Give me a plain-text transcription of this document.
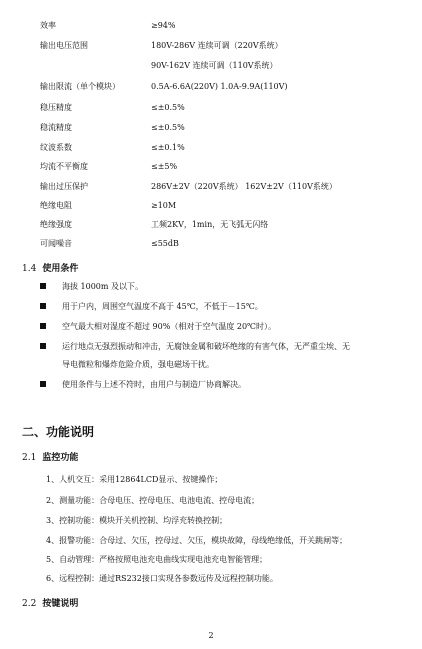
效率	≥94%
输出电压范围	180V-286V 连续可调（220V系统）
90V-162V 连续可调（110V系统）
输出限流（单个模块）	0.5A-6.6A(220V) 1.0A-9.9A(110V)
稳压精度	≤±0.5%
稳流精度	≤±0.5%
纹波系数	≤±0.1%
均流不平衡度	≤±5%
输出过压保护	286V±2V（220V系统） 162V±2V（110V系统）
绝缘电阻	≥10M
绝缘强度	工频2KV，1min，无飞弧无闪络
可闻噪音	≤55dB
1.4 使用条件
海拔 1000m 及以下。
用于户内，周围空气温度不高于 45℃，不低于－15℃。
空气最大相对湿度不超过 90%（相对于空气温度 20℃时）。
运行地点无强烈振动和冲击，无腐蚀金属和破坏绝缘的有害气体，无严重尘埃、无
导电微粒和爆炸危险介质，强电磁场干扰。
使用条件与上述不符时，由用户与制造厂协商解决。
二、功能说明
2.1 监控功能
1、人机交互：采用12864LCD显示、按键操作；
2、测量功能：合母电压、控母电压、电池电流、控母电流；
3、控制功能：模块开关机控制、均浮充转换控制；
4、报警功能：合母过、欠压，控母过、欠压，模块故障，母线绝缘低，开关跳闸等；
5、自动管理：严格按照电池充电曲线实现电池充电智能管理；
6、远程控制：通过RS232接口实现各参数远传及远程控制功能。
2.2 按键说明
2
